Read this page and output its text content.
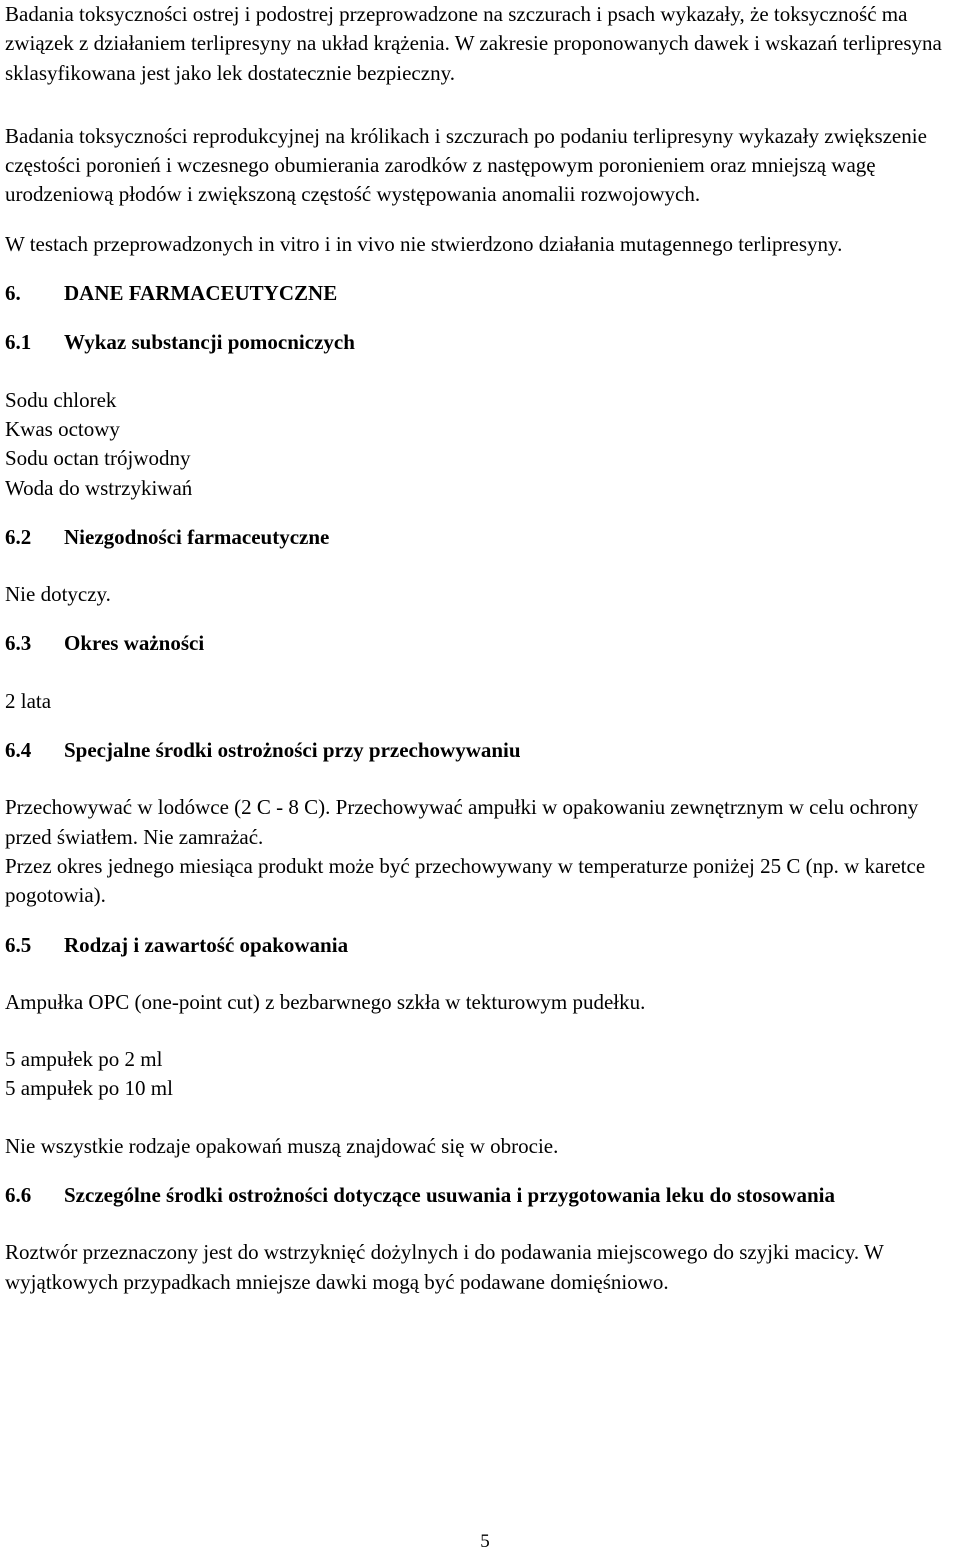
Badania toksyczności ostrej i podostrej przeprowadzone na szczurach i psach wykazały, że toksyczność ma związek z działaniem terlipresyny na układ krążenia. W zakresie proponowanych dawek i wskazań terlipresyna sklasyfikowana jest jako lek dostatecznie bezpieczny.

Badania toksyczności reprodukcyjnej na królikach i szczurach po podaniu terlipresyny wykazały zwiększenie częstości poronień i wczesnego obumierania zarodków z następowym poronieniem oraz mniejszą wagę urodzeniową płodów i zwiększoną częstość występowania anomalii rozwojowych.

W testach przeprowadzonych in vitro i in vivo nie stwierdzono działania mutagennego terlipresyny.

6.	DANE FARMACEUTYCZNE
6.1	Wykaz substancji pomocniczych
Sodu chlorek
Kwas octowy
Sodu octan trójwodny
Woda do wstrzykiwań
6.2	Niezgodności farmaceutyczne

Nie dotyczy.

6.3	Okres ważności

2 lata

6.4	Specjalne środki ostrożności przy przechowywaniu

Przechowywać w lodówce (2 C - 8 C). Przechowywać ampułki w opakowaniu zewnętrznym w celu ochrony przed światłem. Nie zamrażać.

Przez okres jednego miesiąca produkt może być przechowywany w temperaturze poniżej 25 C (np. w karetce pogotowia).

6.5	Rodzaj i zawartość opakowania

Ampułka OPC (one-point cut) z bezbarwnego szkła w tekturowym pudełku.

5 ampułek po 2 ml
5 ampułek po 10 ml

Nie wszystkie rodzaje opakowań muszą znajdować się w obrocie.

6.6	Szczególne środki ostrożności dotyczące usuwania i przygotowania leku do stosowania

Roztwór przeznaczony jest do wstrzyknięć dożylnych i do podawania miejscowego do szyjki macicy. W wyjątkowych przypadkach mniejsze dawki mogą być podawane domięśniowo.

5
